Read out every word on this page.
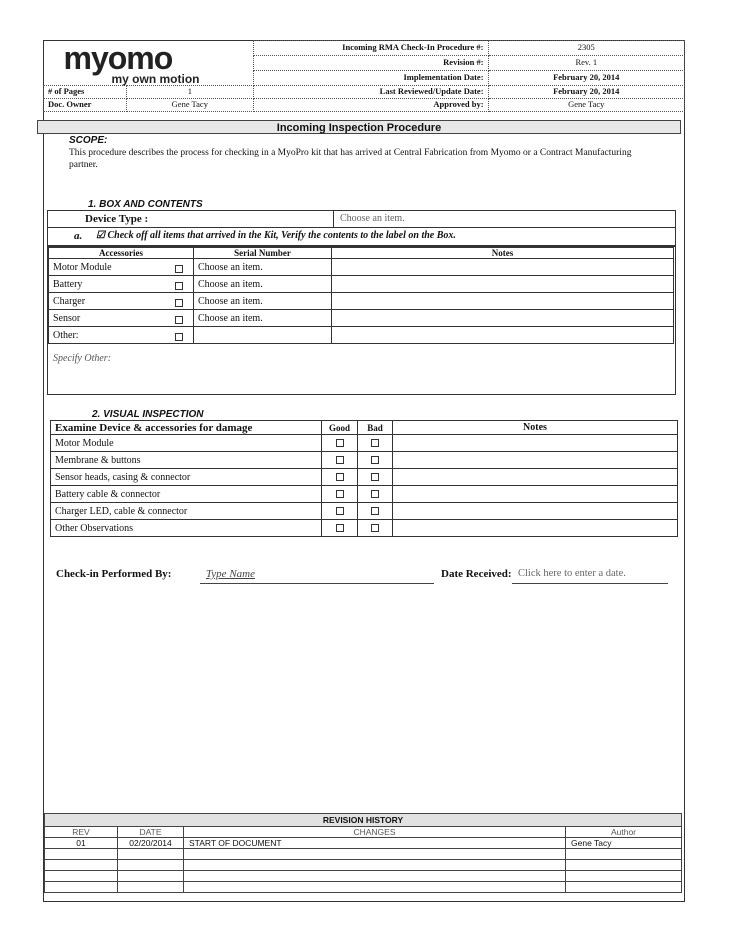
myomo
my own motion		Incoming RMA Check-In Procedure #:	2305
		Revision #:	Rev. 1
		Implementation Date:	February 20, 2014

# of Pages	1	Last Reviewed/Update Date:	February 20, 2014
Doc. Owner	Gene Tacy	Approved by:	Gene Tacy
Incoming Inspection Procedure
SCOPE:
This procedure describes the process for checking in a MyoPro kit that has arrived at Central Fabrication from Myomo or a Contract Manufacturing partner.
1. BOX AND CONTENTS
Device Type :	Choose an item.
a. ☑ Check off all items that arrived in the Kit, Verify the contents to the label on the Box.
Accessories	Serial Number	Notes
Motor Module	Choose an item.	
Battery	Choose an item.	
Charger	Choose an item.	
Sensor	Choose an item.	
Other:

Specify Other:
2. VISUAL INSPECTION
Examine Device & accessories for damage	Good	Bad	Notes
Motor Module			
Membrane & buttons			
Sensor heads, casing & connector			
Battery cable & connector			
Charger LED, cable & connector			
Other Observations			
Check-in Performed By:	Type Name	Date Received: Click here to enter a date.
REVISION HISTORY			
REV	DATE	CHANGES	Author
01	02/20/2014	START OF DOCUMENT	Gene Tacy
